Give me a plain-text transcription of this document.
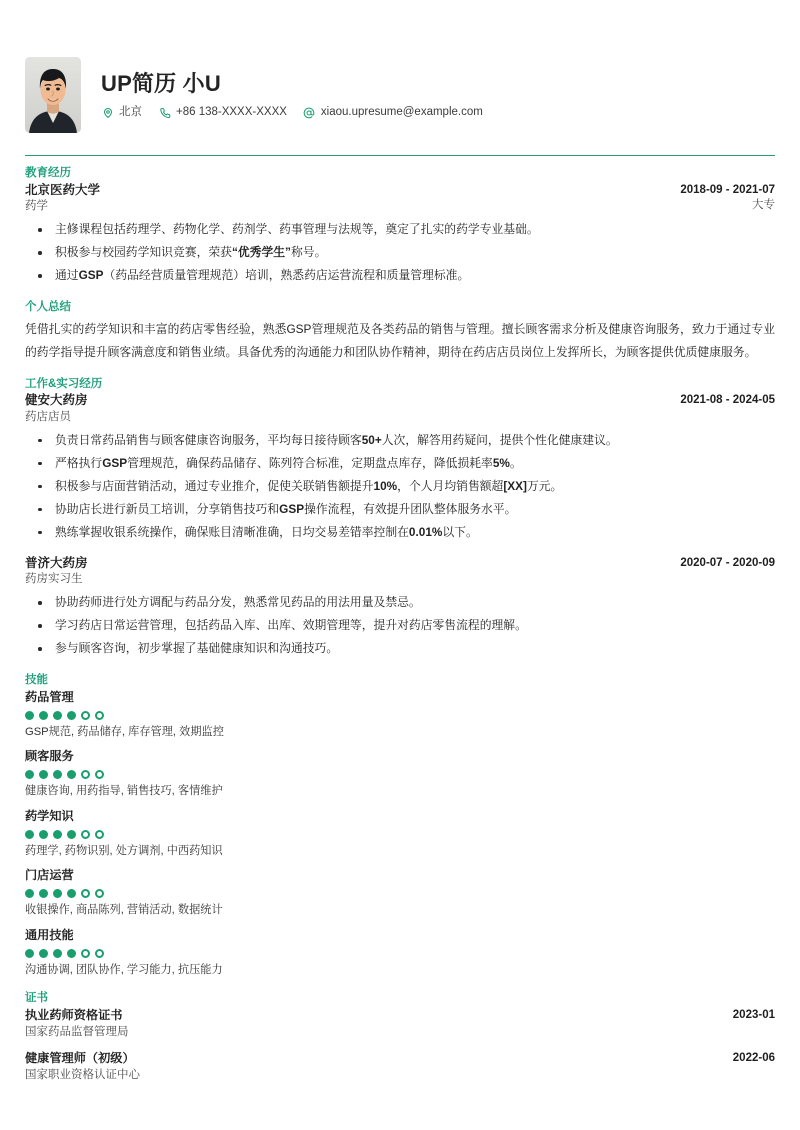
UP简历 小U
北京	+86 138-XXXX-XXXX	xiaou.upresume@example.com
教育经历
北京医药大学
药学
2018-09 - 2021-07
大专
主修课程包括药理学、药物化学、药剂学、药事管理与法规等，奠定了扎实的药学专业基础。
积极参与校园药学知识竞赛，荣获“优秀学生”称号。
通过GSP（药品经营质量管理规范）培训，熟悉药店运营流程和质量管理标准。
个人总结

凭借扎实的药学知识和丰富的药店零售经验，熟悉GSP管理规范及各类药品的销售与管理。擅长顾客需求分析及健康咨询服务，致力于通过专业的药学指导提升顾客满意度和销售业绩。具备优秀的沟通能力和团队协作精神，期待在药店店员岗位上发挥所长，为顾客提供优质健康服务。

工作&实习经历
健安大药房
药店店员
2021-08 - 2024-05
负责日常药品销售与顾客健康咨询服务，平均每日接待顾客50+人次，解答用药疑问，提供个性化健康建议。
严格执行GSP管理规范，确保药品储存、陈列符合标准，定期盘点库存，降低损耗率5%。
积极参与店面营销活动，通过专业推介，促使关联销售额提升10%，个人月均销售额超[XX]万元。
协助店长进行新员工培训，分享销售技巧和GSP操作流程，有效提升团队整体服务水平。
熟练掌握收银系统操作，确保账目清晰准确，日均交易差错率控制在0.01%以下。
普济大药房
药房实习生
2020-07 - 2020-09
协助药师进行处方调配与药品分发，熟悉常见药品的用法用量及禁忌。
学习药店日常运营管理，包括药品入库、出库、效期管理等，提升对药店零售流程的理解。
参与顾客咨询，初步掌握了基础健康知识和沟通技巧。
技能
药品管理
GSP规范, 药品储存, 库存管理, 效期监控
顾客服务
健康咨询, 用药指导, 销售技巧, 客情维护
药学知识
药理学, 药物识别, 处方调剂, 中西药知识
门店运营
收银操作, 商品陈列, 营销活动, 数据统计
通用技能
沟通协调, 团队协作, 学习能力, 抗压能力
证书
执业药师资格证书
国家药品监督管理局
2023-01
健康管理师（初级）
国家职业资格认证中心
2022-06
